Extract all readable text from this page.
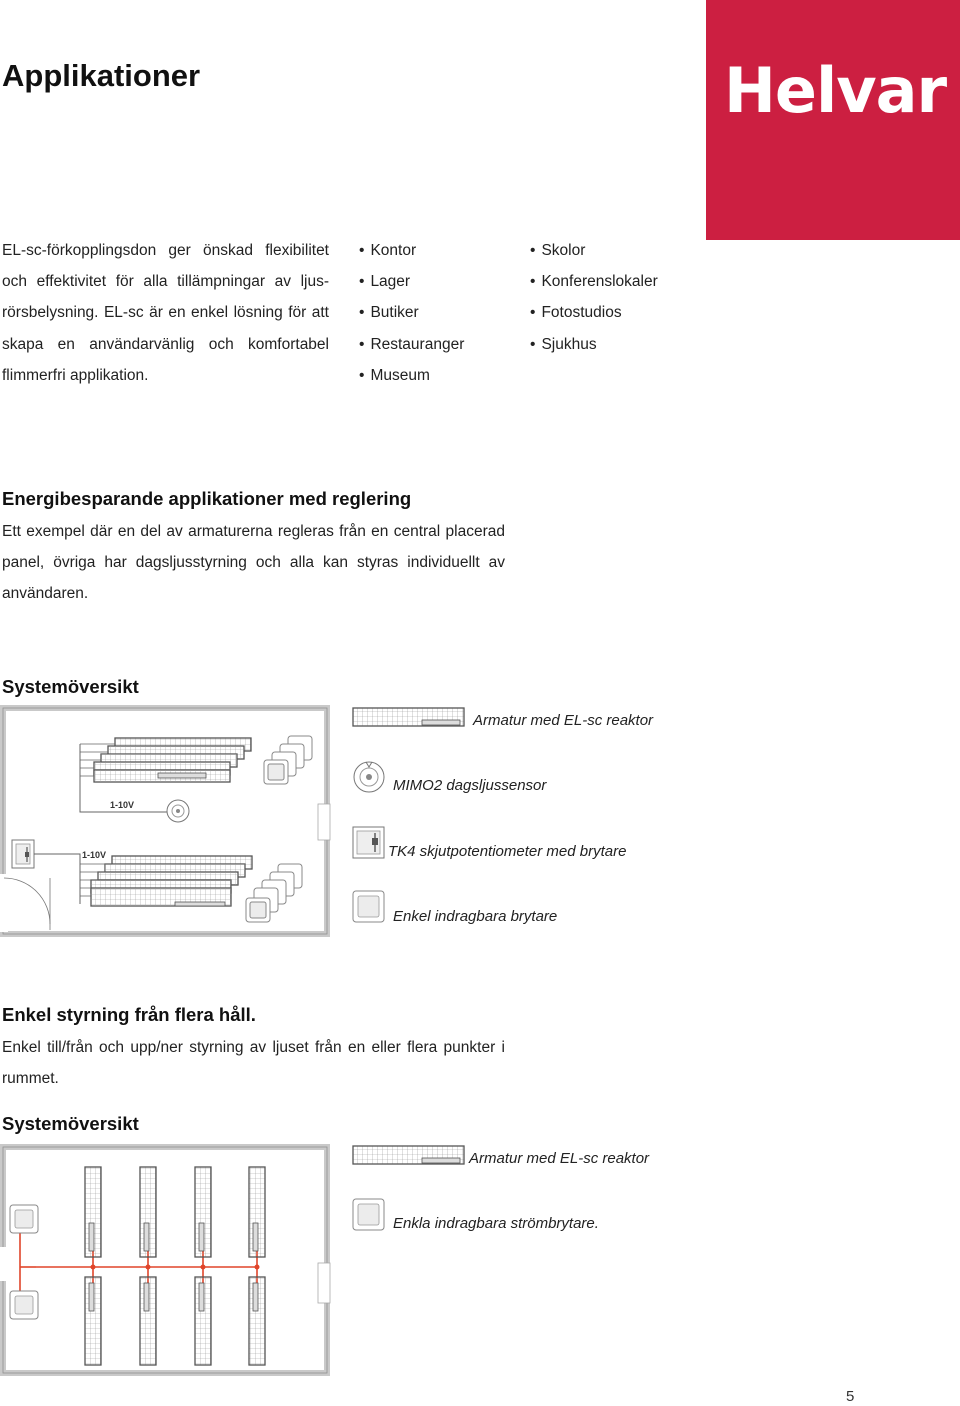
Helvar
Applikationer

EL-sc-förkopplingsdon ger önskad flexibilitet och effektivitet för alla tillämpningar av ljus-rörsbelysning. EL-sc är en enkel lösning för att skapa en användarvänlig och komfortabel flimmerfri applikation.

• Kontor
• Lager
• Butiker
• Restauranger
• Museum
• Skolor
• Konferenslokaler
• Fotostudios
• Sjukhus
Energibesparande applikationer med reglering

Ett exempel där en del av armaturerna regleras från en central placerad panel, övriga har dagsljusstyrning och alla kan styras individuellt av användaren.

Systemöversikt
1-10V
1-10V
Armatur med EL-sc reaktor
MIMO2 dagsljussensor
TK4 skjutpotentiometer med brytare
Enkel indragbara brytare
Enkel styrning från flera håll.

Enkel till/från och upp/ner styrning av ljuset från en eller flera punkter i rummet.

Systemöversikt
Armatur med EL-sc reaktor
Enkla indragbara strömbrytare.
5
